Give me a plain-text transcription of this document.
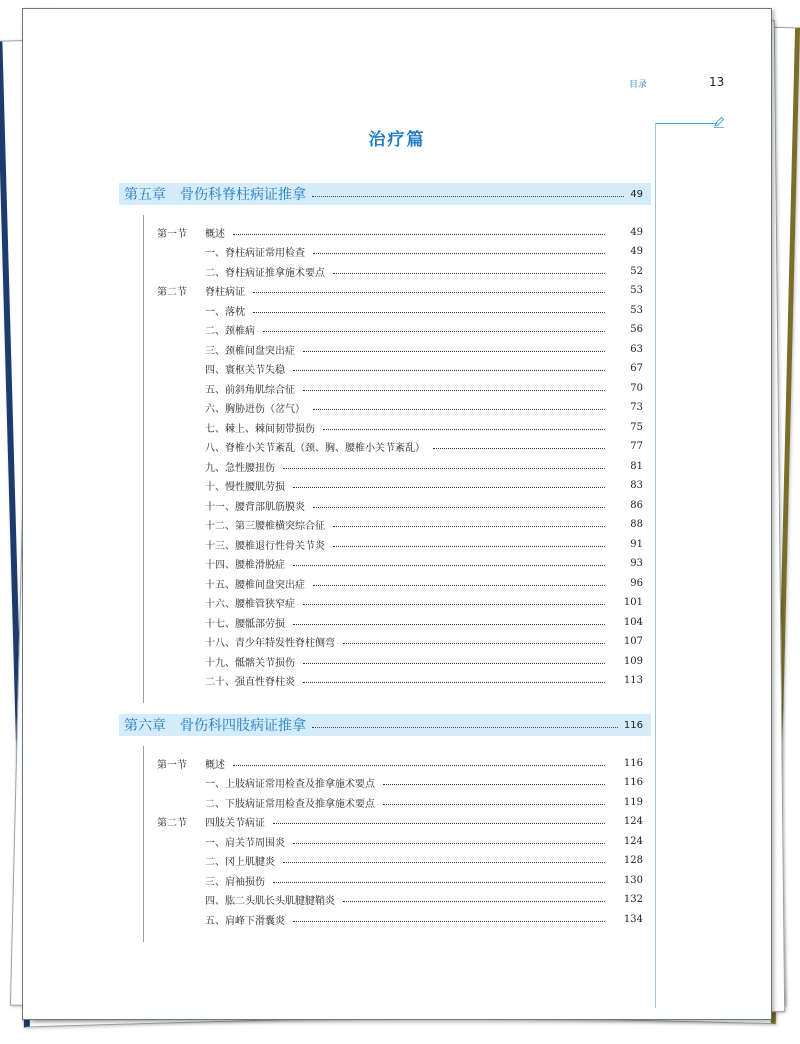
目录	13
治疗篇
第五章　骨伤科脊柱病证推拿	49
第一节	概述	49
一、脊柱病证常用检查	49
二、脊柱病证推拿施术要点	52
第二节	脊柱病证	53
一、落枕	53
二、颈椎病	56
三、颈椎间盘突出症	63
四、寰枢关节失稳	67
五、前斜角肌综合征	70
六、胸胁迸伤（岔气）	73
七、棘上、棘间韧带损伤	75
八、脊椎小关节紊乱（颈、胸、腰椎小关节紊乱）	77
九、急性腰扭伤	81
十、慢性腰肌劳损	83
十一、腰背部肌筋膜炎	86
十二、第三腰椎横突综合征	88
十三、腰椎退行性骨关节炎	91
十四、腰椎滑脱症	93
十五、腰椎间盘突出症	96
十六、腰椎管狭窄症	101
十七、腰骶部劳损	104
十八、青少年特发性脊柱侧弯	107
十九、骶髂关节损伤	109
二十、强直性脊柱炎	113
第六章　骨伤科四肢病证推拿	116
第一节	概述	116
一、上肢病证常用检查及推拿施术要点	116
二、下肢病证常用检查及推拿施术要点	119
第二节	四肢关节病证	124
一、肩关节周围炎	124
二、冈上肌腱炎	128
三、肩袖损伤	130
四、肱二头肌长头肌腱腱鞘炎	132
五、肩峰下滑囊炎	134
